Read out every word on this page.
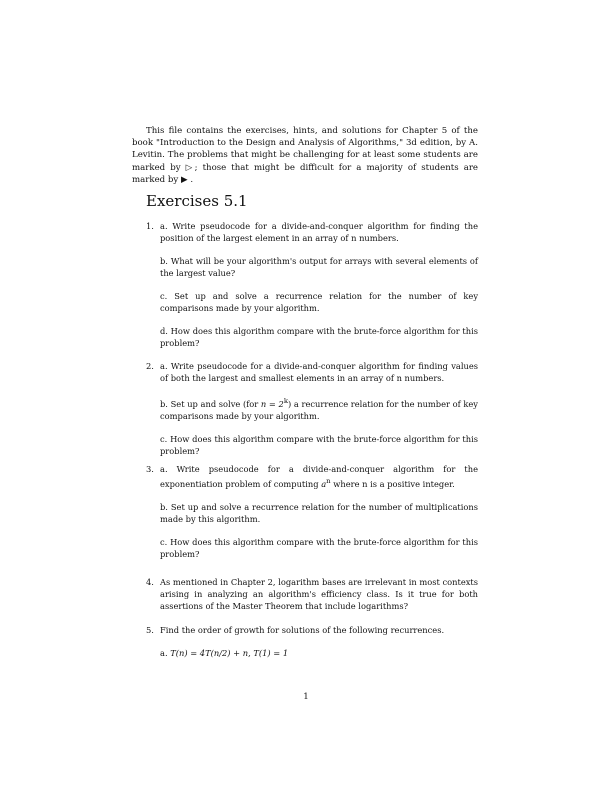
This file contains the exercises, hints, and solutions for Chapter 5 of the book "Introduction to the Design and Analysis of Algorithms," 3d edition, by A. Levitin. The problems that might be challenging for at least some students are marked by ▷; those that might be difficult for a majority of students are marked by ▶ .
Exercises 5.1
1. a. Write pseudocode for a divide-and-conquer algorithm for finding the position of the largest element in an array of n numbers.

b. What will be your algorithm's output for arrays with several elements of the largest value?

c. Set up and solve a recurrence relation for the number of key comparisons made by your algorithm.

d. How does this algorithm compare with the brute-force algorithm for this problem?

2. a. Write pseudocode for a divide-and-conquer algorithm for finding values of both the largest and smallest elements in an array of n numbers.

b. Set up and solve (for $n = 2^k$) a recurrence relation for the number of key comparisons made by your algorithm.

c. How does this algorithm compare with the brute-force algorithm for this problem?

3. a. Write pseudocode for a divide-and-conquer algorithm for the exponentiation problem of computing $a^n$ where n is a positive integer.

b. Set up and solve a recurrence relation for the number of multiplications made by this algorithm.

c. How does this algorithm compare with the brute-force algorithm for this problem?

4. As mentioned in Chapter 2, logarithm bases are irrelevant in most contexts arising in analyzing an algorithm's efficiency class. Is it true for both assertions of the Master Theorem that include logarithms?

5. Find the order of growth for solutions of the following recurrences.

a. T(n) = 4T(n/2) + n, T(1) = 1

1
